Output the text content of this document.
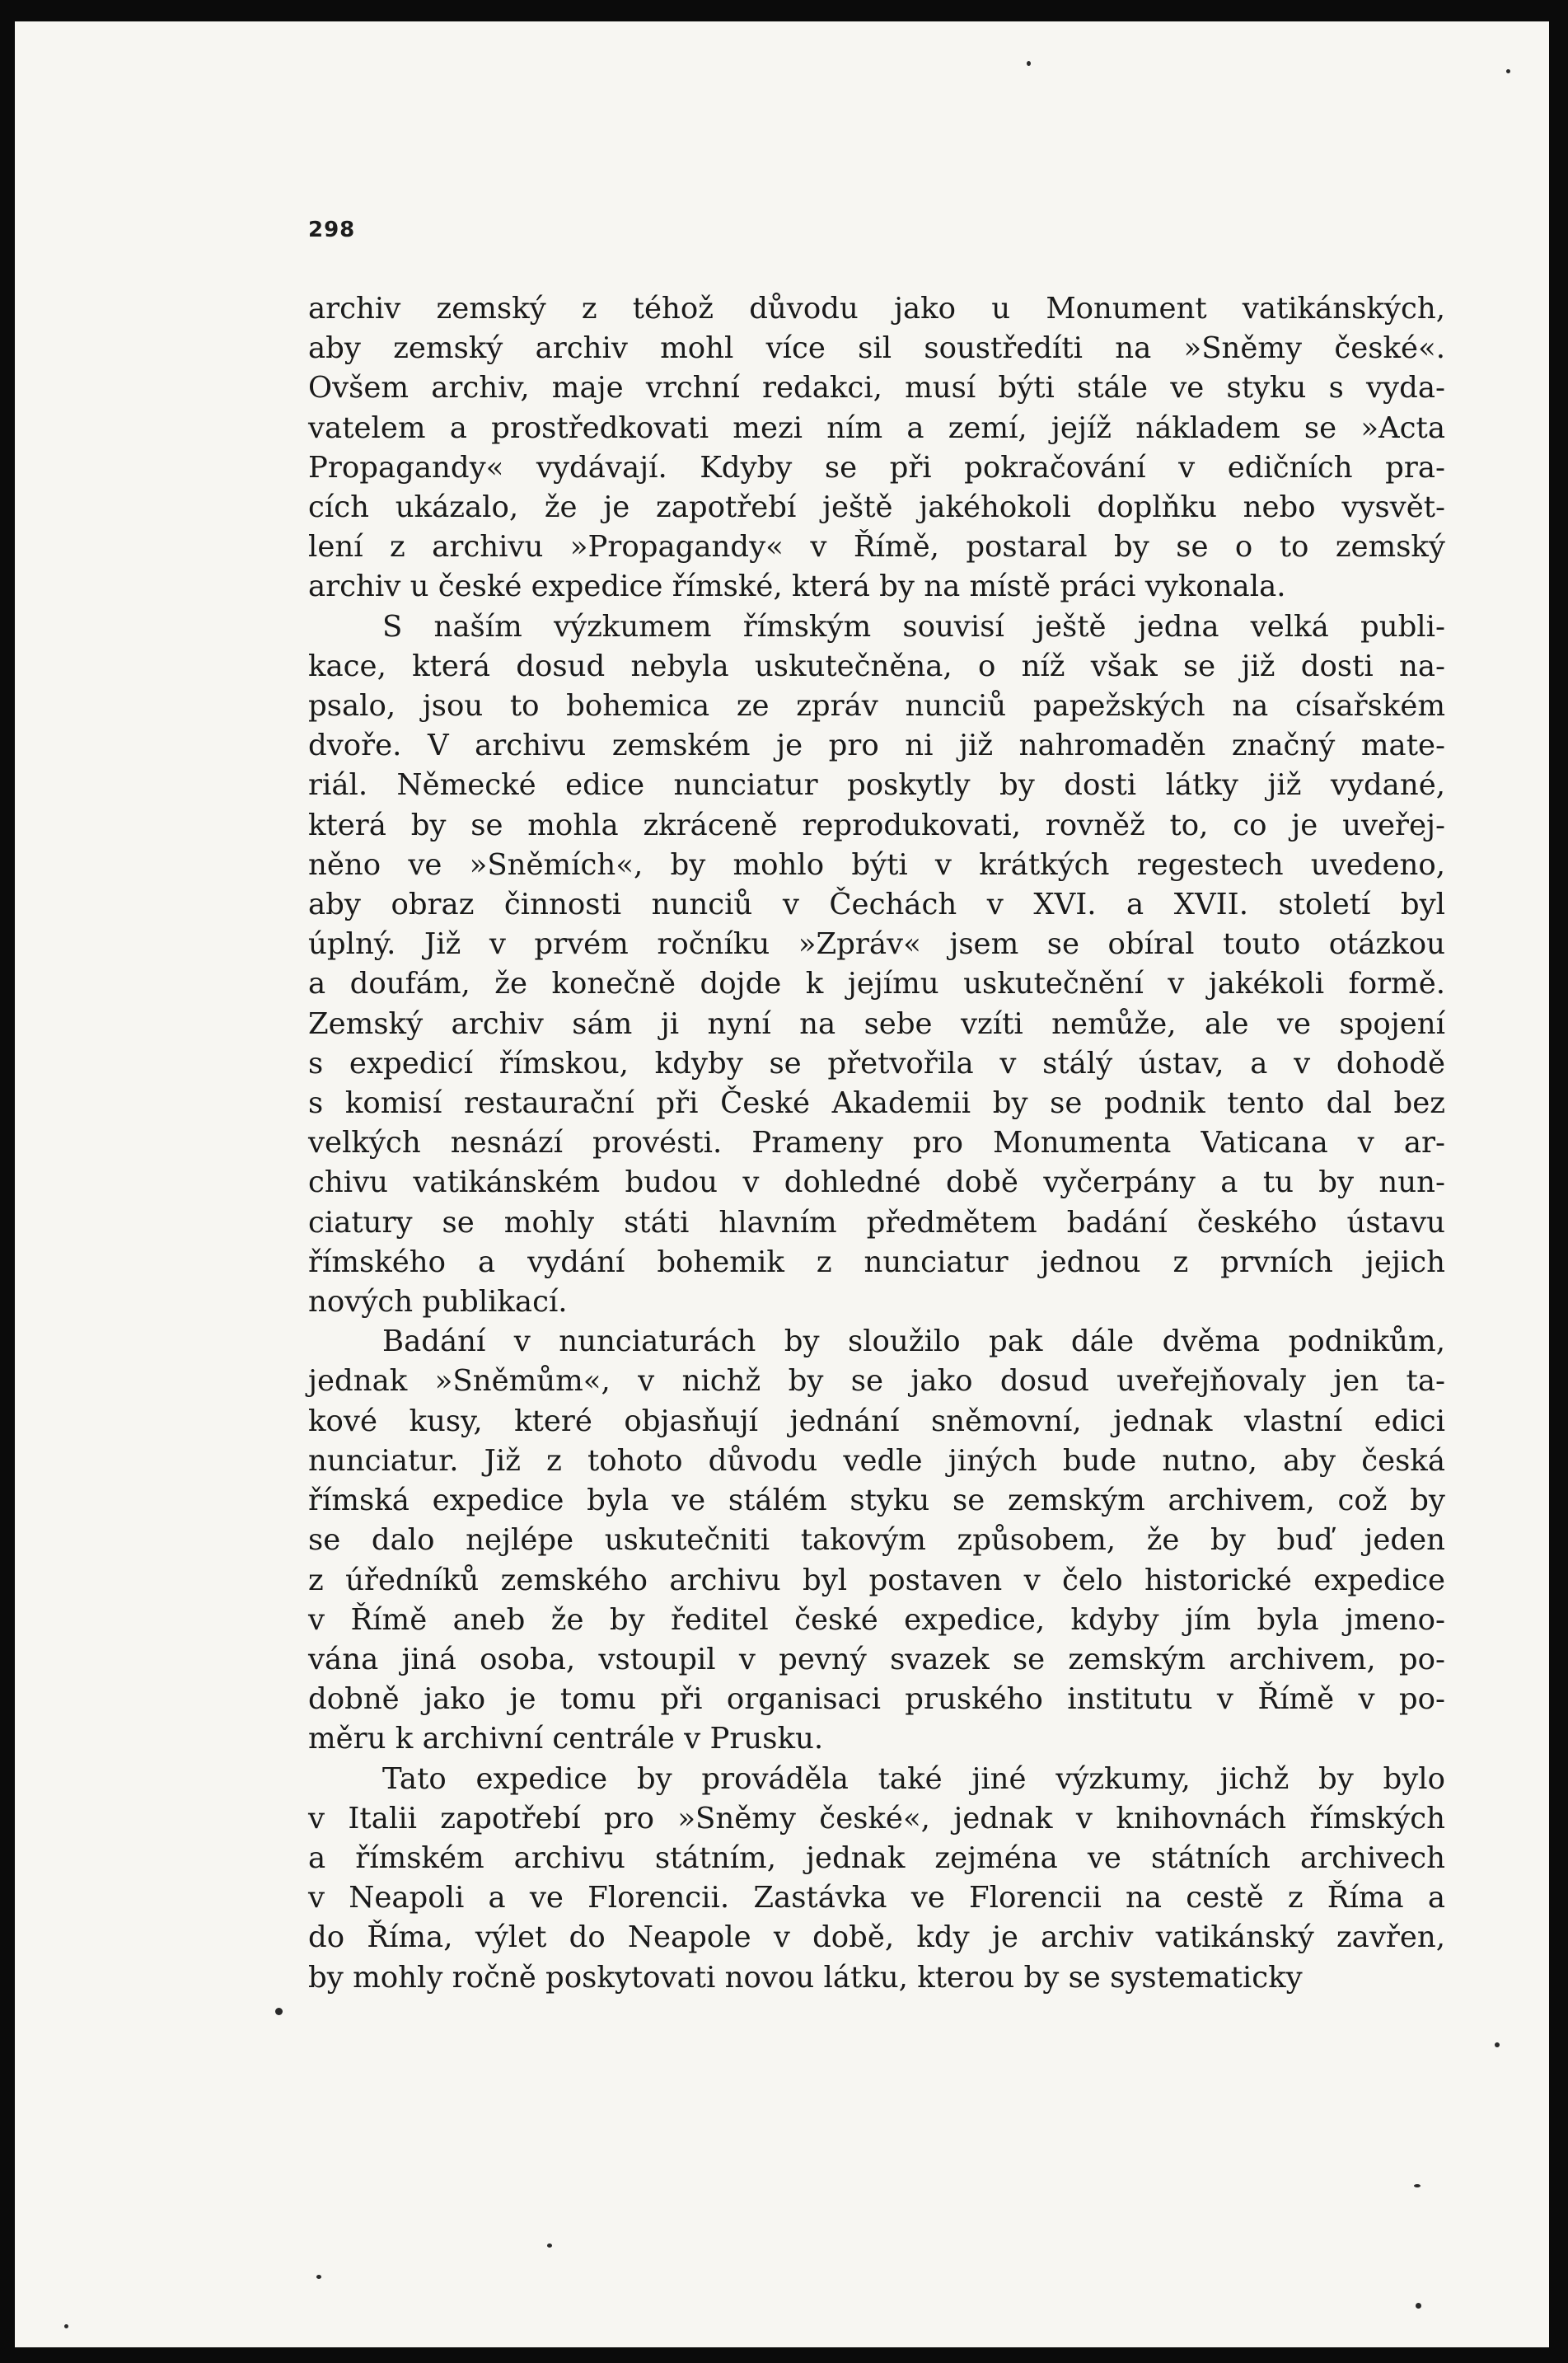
298

archiv zemský z téhož důvodu jako u Monument vatikánských,
aby zemský archiv mohl více sil soustředíti na »Sněmy české«.
Ovšem archiv, maje vrchní redakci, musí býti stále ve styku s vyda-
vatelem a prostředkovati mezi ním a zemí, jejíž nákladem se »Acta
Propagandy« vydávají. Kdyby se při pokračování v edičních pra-
cích ukázalo, že je zapotřebí ještě jakéhokoli doplňku nebo vysvět-
lení z archivu »Propagandy« v Římě, postaral by se o to zemský
archiv u české expedice římské, která by na místě práci vykonala.

S naším výzkumem římským souvisí ještě jedna velká publi-
kace, která dosud nebyla uskutečněna, o níž však se již dosti na-
psalo, jsou to bohemica ze zpráv nunciů papežských na císařském
dvoře. V archivu zemském je pro ni již nahromaděn značný mate-
riál. Německé edice nunciatur poskytly by dosti látky již vydané,
která by se mohla zkráceně reprodukovati, rovněž to, co je uveřej-
něno ve »Sněmích«, by mohlo býti v krátkých regestech uvedeno,
aby obraz činnosti nunciů v Čechách v XVI. a XVII. století byl
úplný. Již v prvém ročníku »Zpráv« jsem se obíral touto otázkou
a doufám, že konečně dojde k jejímu uskutečnění v jakékoli formě.
Zemský archiv sám ji nyní na sebe vzíti nemůže, ale ve spojení
s expedicí římskou, kdyby se přetvořila v stálý ústav, a v dohodě
s komisí restaurační při České Akademii by se podnik tento dal bez
velkých nesnází provésti. Prameny pro Monumenta Vaticana v ar-
chivu vatikánském budou v dohledné době vyčerpány a tu by nun-
ciatury se mohly státi hlavním předmětem badání českého ústavu
římského a vydání bohemik z nunciatur jednou z prvních jejich
nových publikací.

Badání v nunciaturách by sloužilo pak dále dvěma podnikům,
jednak »Sněmům«, v nichž by se jako dosud uveřejňovaly jen ta-
kové kusy, které objasňují jednání sněmovní, jednak vlastní edici
nunciatur. Již z tohoto důvodu vedle jiných bude nutno, aby česká
římská expedice byla ve stálém styku se zemským archivem, což by
se dalo nejlépe uskutečniti takovým způsobem, že by buď jeden
z úředníků zemského archivu byl postaven v čelo historické expedice
v Římě aneb že by ředitel české expedice, kdyby jím byla jmeno-
vána jiná osoba, vstoupil v pevný svazek se zemským archivem, po-
dobně jako je tomu při organisaci pruského institutu v Římě v po-
měru k archivní centrále v Prusku.

Tato expedice by prováděla také jiné výzkumy, jichž by bylo
v Italii zapotřebí pro »Sněmy české«, jednak v knihovnách římských
a římském archivu státním, jednak zejména ve státních archivech
v Neapoli a ve Florencii. Zastávka ve Florencii na cestě z Říma a
do Říma, výlet do Neapole v době, kdy je archiv vatikánský zavřen,
by mohly ročně poskytovati novou látku, kterou by se systematicky
